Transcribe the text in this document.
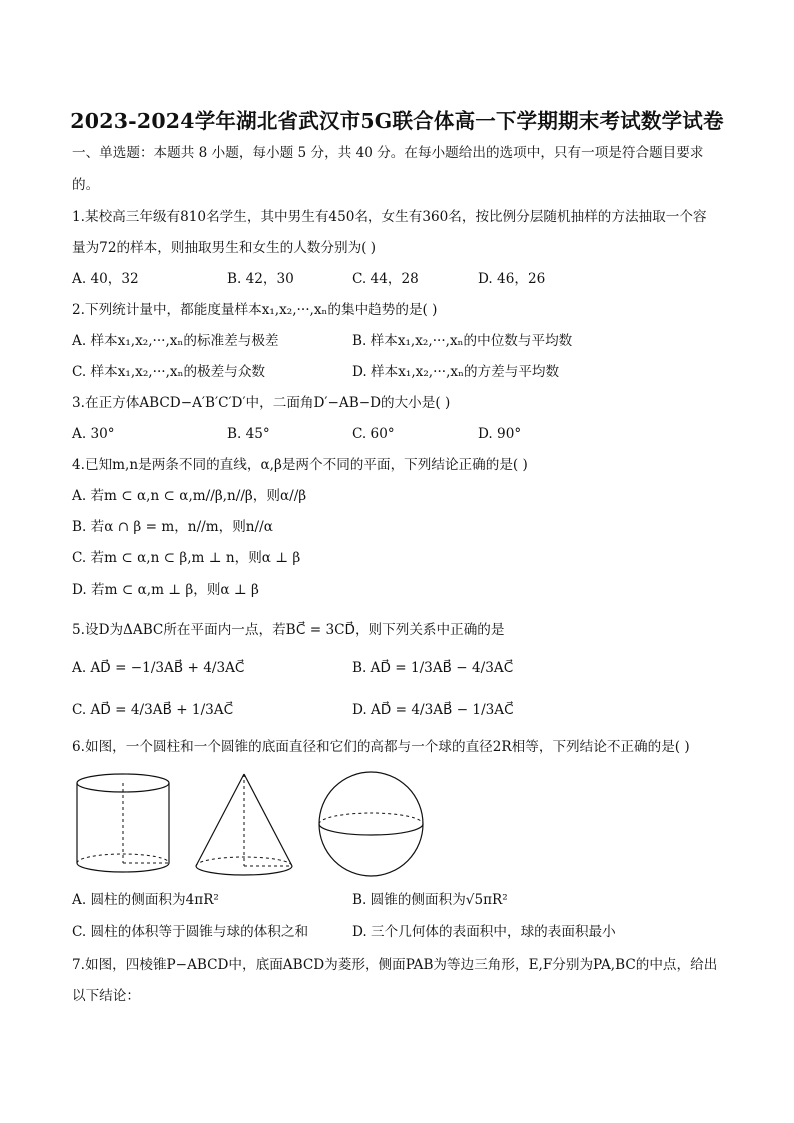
2023-2024学年湖北省武汉市5G联合体高一下学期期末考试数学试卷
一、单选题：本题共 8 小题，每小题 5 分，共 40 分。在每小题给出的选项中，只有一项是符合题目要求
的。
1.某校高三年级有810名学生，其中男生有450名，女生有360名，按比例分层随机抽样的方法抽取一个容
量为72的样本，则抽取男生和女生的人数分别为( )
A. 40，32	B. 42，30	C. 44，28	D. 46，26
2.下列统计量中，都能度量样本x₁,x₂,···,xₙ的集中趋势的是( )
A. 样本x₁,x₂,···,xₙ的标准差与极差	B. 样本x₁,x₂,···,xₙ的中位数与平均数
C. 样本x₁,x₂,···,xₙ的极差与众数	D. 样本x₁,x₂,···,xₙ的方差与平均数
3.在正方体ABCD−A′B′C′D′中，二面角D′−AB−D的大小是( )
A. 30°	B. 45°	C. 60°	D. 90°
4.已知m,n是两条不同的直线，α,β是两个不同的平面，下列结论正确的是( )
A. 若m ⊂ α,n ⊂ α,m//β,n//β，则α//β
B. 若α ∩ β = m，n//m，则n//α
C. 若m ⊂ α,n ⊂ β,m ⊥ n，则α ⊥ β
D. 若m ⊂ α,m ⊥ β，则α ⊥ β
5.设D为ΔABC所在平面内一点，若BC⃗ = 3CD⃗，则下列关系中正确的是
A. AD⃗ = −1/3AB⃗ + 4/3AC⃗	B. AD⃗ = 1/3AB⃗ − 4/3AC⃗
C. AD⃗ = 4/3AB⃗ + 1/3AC⃗	D. AD⃗ = 4/3AB⃗ − 1/3AC⃗
6.如图，一个圆柱和一个圆锥的底面直径和它们的高都与一个球的直径2R相等，下列结论不正确的是( )
A. 圆柱的侧面积为4πR²	B. 圆锥的侧面积为√5πR²
C. 圆柱的体积等于圆锥与球的体积之和	D. 三个几何体的表面积中，球的表面积最小
7.如图，四棱锥P−ABCD中，底面ABCD为菱形，侧面PAB为等边三角形，E,F分别为PA,BC的中点，给出
以下结论：
